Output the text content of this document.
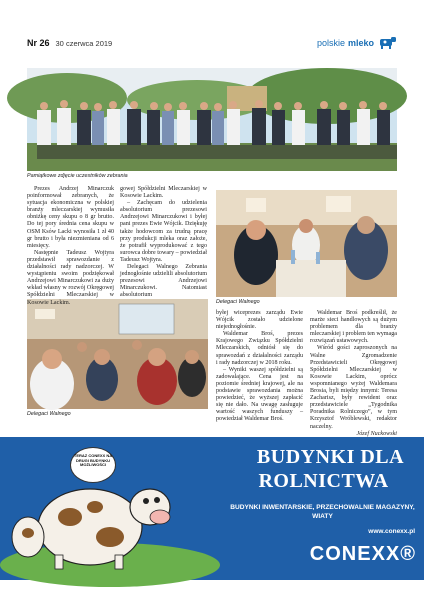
Nr 26 30 czerwca 2019	polskie mleko
Pamiątkowe zdjęcie uczestników zebrania
Delegaci Walnego
Delegaci Walnego

Prezes Andrzej Minarczuk poinformował zebranych, że sytuacja ekonomiczna w polskiej branży mleczarskiej wymusiła obniżkę ceny skupu o 8 gr brutto. Do tej pory średnia cena skupu w OSM Ksów Lacki wynosiła 1 zł 40 gr brutto i była niezmieniana od 6 miesięcy.

Następnie Tadeusz Wojtyra przedstawił sprawozdanie z działalności rady nadzorczej. W wystąpieniu swoim podziękował Andrzejowi Minarczukowi za duży wkład własny w rozwój Okręgowej Spółdzielni Mleczarskiej w Kosowie Lackim.

gowej Spółdzielni Mleczarskiej w Kosowie Lackim.

– Zachęcam do udzielenia absolutorium prezesowi Andrzejowi Minarczukowi i byłej pani prezes Ewie Wójcik. Dziękuję także hodowcom za trudną pracę przy produkcji mleka oraz założe, że potrafił wyprodukować z tego surowca dobre towary – powiedział Tadeusz Wojtyra.

Delegaci Walnego Zebrania jednogłośnie udzielili absolutorium prezesowi Andrzejowi Minarczukowi. Natomiast absolutorium

byłej wiceprezes zarządu Ewie Wójcik zostało udzielone niejednogłośnie.

Waldemar Broś, prezes Krajowego Związku Spółdzielni Mleczarskich, odniósł się do sprawozdań z działalności zarządu i rady nadzorczej w 2018 roku.

– Wyniki waszej spółdzielni są zadowalające. Cena jest na poziomie średniej krajowej, ale na podstawie sprawozdania można powiedzieć, że wyższej zapłacić się nie dało. Na uwagę zasługuje wartość waszych funduszy – powiedział Waldemar Broś.

Waldemar Broś podkreślił, że marże sieci handlowych są dużym problemem dla branży mleczarskiej i problem ten wymaga rozwiązań ustawowych.

Wśród gości zaproszonych na Walne Zgromadzenie Przedstawicieli Okręgowej Spółdzielni Mleczarskiej w Kosowie Lackim, oprócz wspomnianego wyżej Waldemara Brosia, byli między innymi: Teresa Zacharisz, były rewident oraz przedstawiciele „Tygodnika Poradnika Rolniczego”, w tym Krzysztof Wróblewski, redaktor naczelny.

Józef Nuckowski

TERAZ CONEXX NA DRUGI BUDYNKU MOŻLIWOŚCI	BUDYNKI DLA
ROLNICTWA
BUDYNKI INWENTARSKIE, PRZECHOWALNIE MAGAZYNY, WIATY
www.conexx.pl
CONEXX®
